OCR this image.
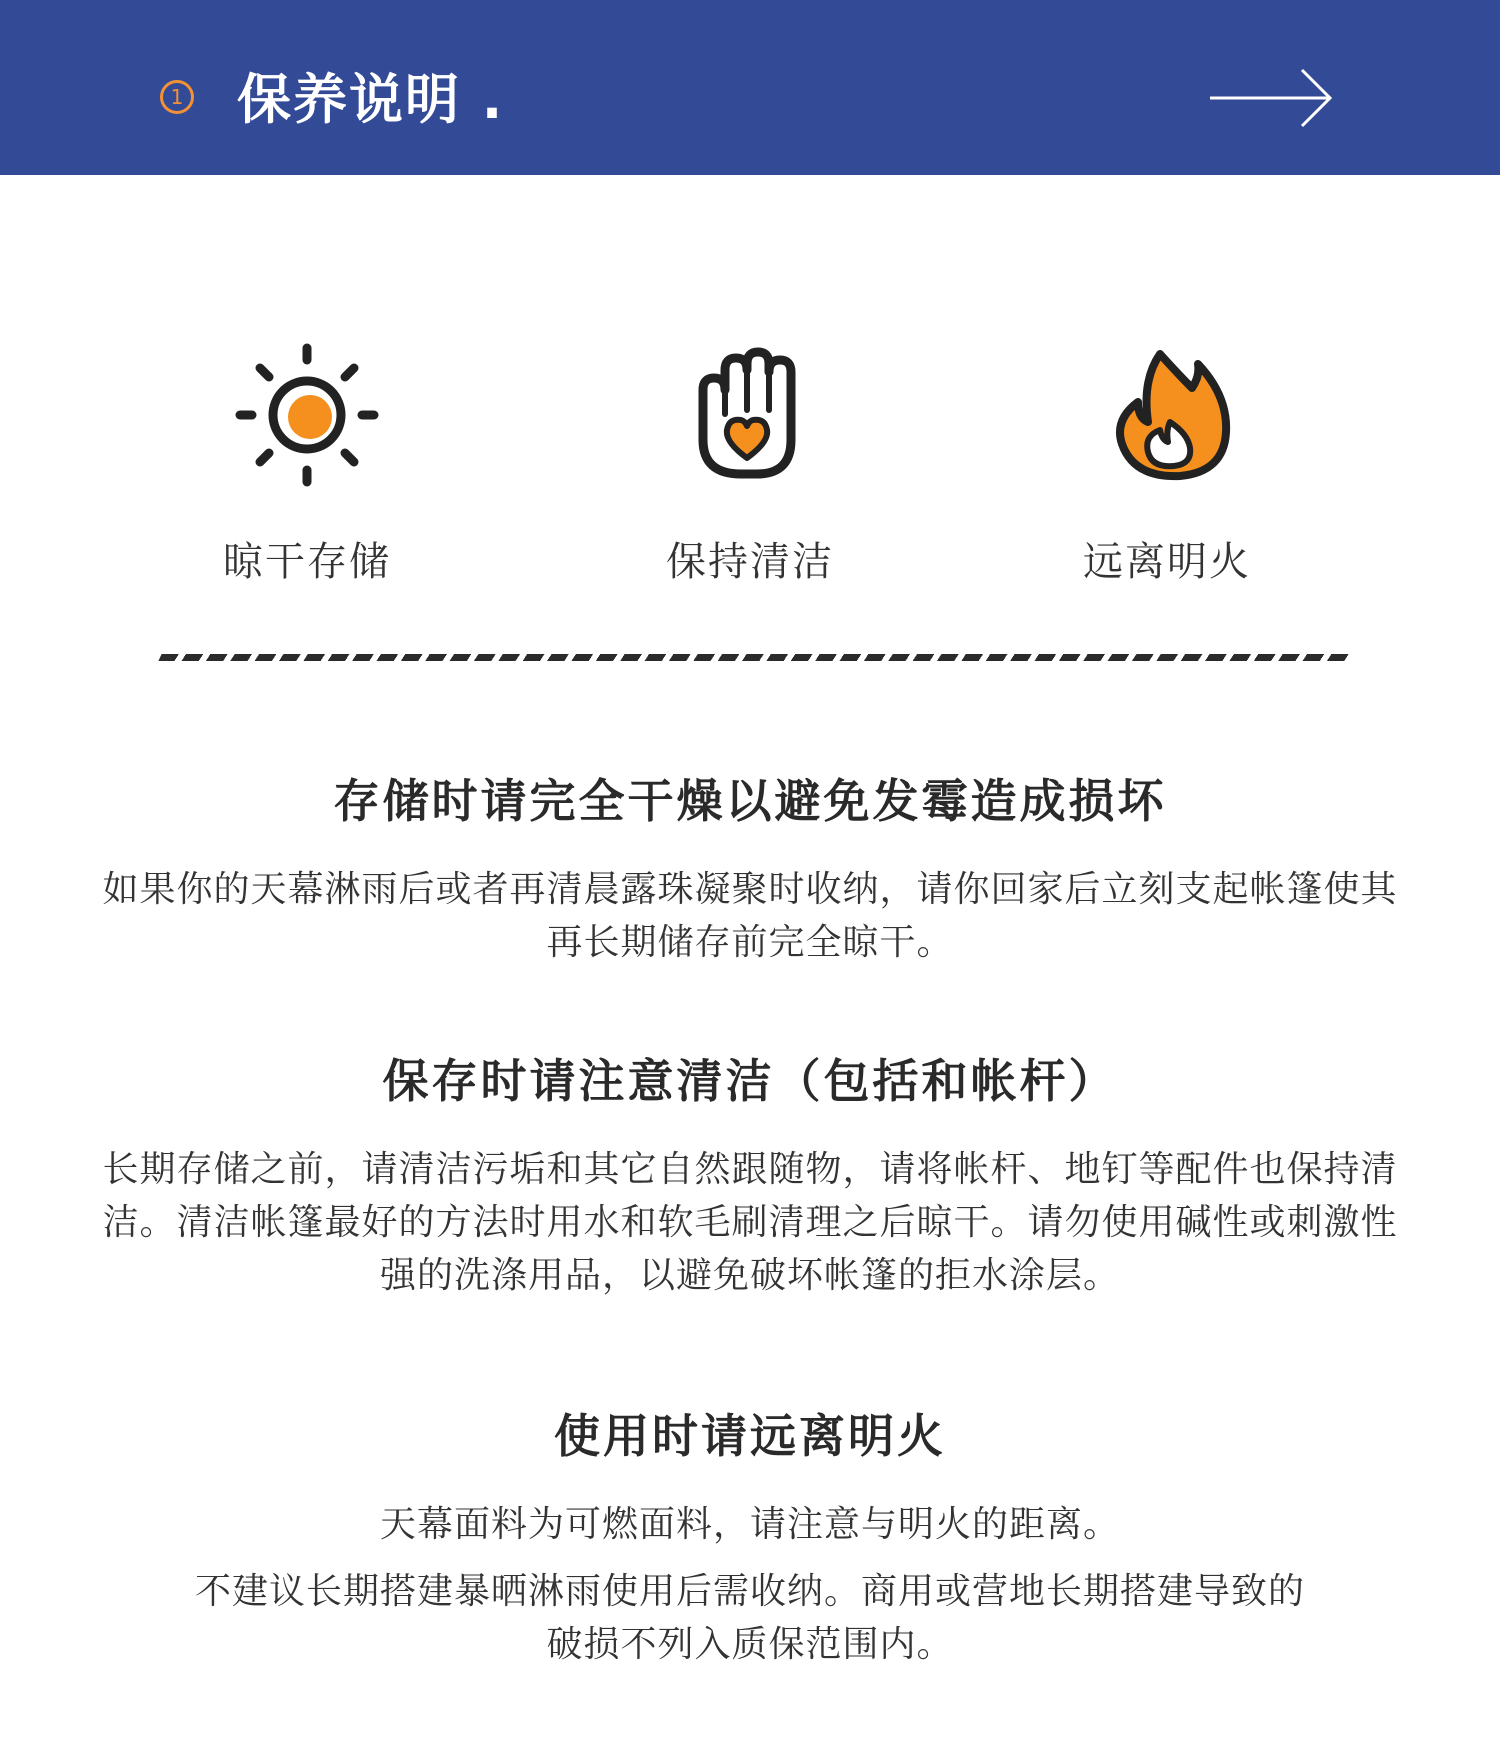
1 保养说明 .
晾干存储	保持清洁	远离明火
存储时请完全干燥以避免发霉造成损坏

如果你的天幕淋雨后或者再清晨露珠凝聚时收纳，请你回家后立刻支起帐篷使其再长期储存前完全晾干。

保存时请注意清洁（包括和帐杆）

长期存储之前，请清洁污垢和其它自然跟随物，请将帐杆、地钉等配件也保持清洁。清洁帐篷最好的方法时用水和软毛刷清理之后晾干。请勿使用碱性或刺激性强的洗涤用品，以避免破坏帐篷的拒水涂层。

使用时请远离明火

天幕面料为可燃面料，请注意与明火的距离。

不建议长期搭建暴晒淋雨使用后需收纳。商用或营地长期搭建导致的破损不列入质保范围内。
